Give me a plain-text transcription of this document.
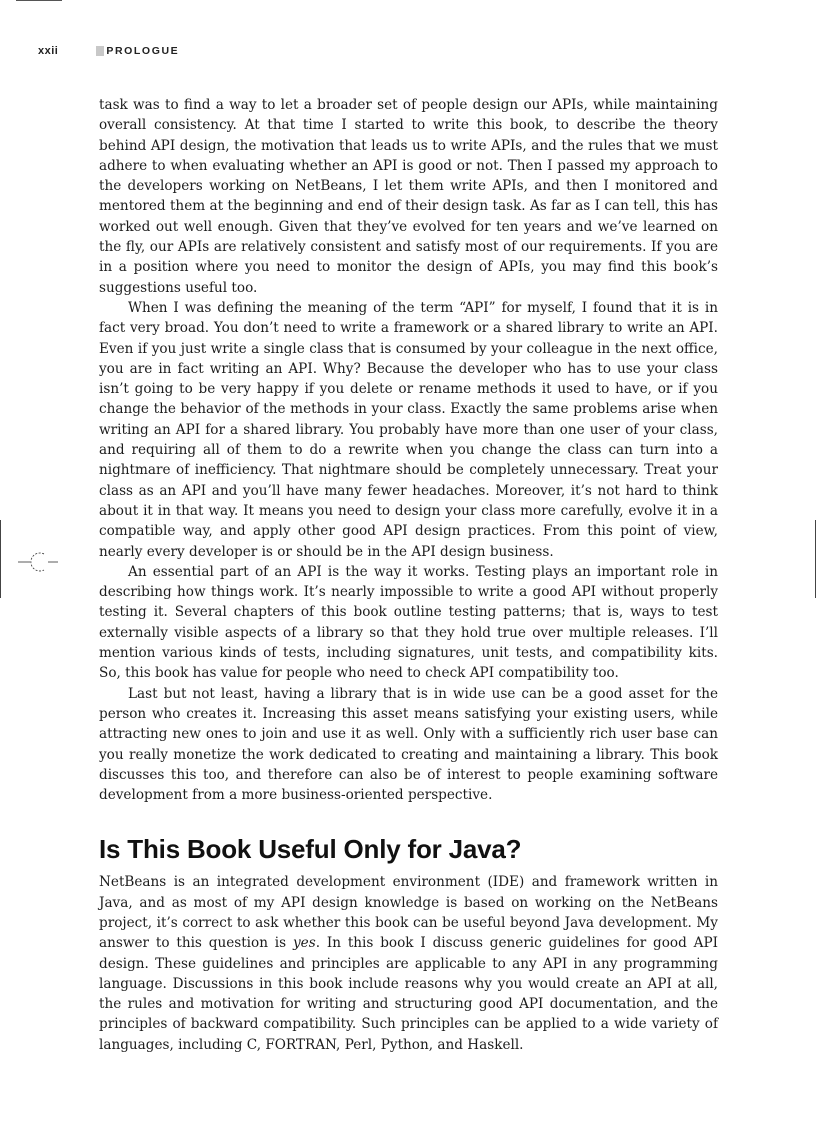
xxii	PROLOGUE

task was to find a way to let a broader set of people design our APIs, while maintaining overall consistency. At that time I started to write this book, to describe the theory behind API design, the motivation that leads us to write APIs, and the rules that we must adhere to when evaluating whether an API is good or not. Then I passed my approach to the developers working on NetBeans, I let them write APIs, and then I monitored and mentored them at the beginning and end of their design task. As far as I can tell, this has worked out well enough. Given that they’ve evolved for ten years and we’ve learned on the fly, our APIs are relatively consistent and satisfy most of our requirements. If you are in a position where you need to monitor the design of APIs, you may find this book’s suggestions useful too.

When I was defining the meaning of the term “API” for myself, I found that it is in fact very broad. You don’t need to write a framework or a shared library to write an API. Even if you just write a single class that is consumed by your colleague in the next office, you are in fact writing an API. Why? Because the developer who has to use your class isn’t going to be very happy if you delete or rename methods it used to have, or if you change the behavior of the methods in your class. Exactly the same problems arise when writing an API for a shared library. You probably have more than one user of your class, and requiring all of them to do a rewrite when you change the class can turn into a nightmare of inefficiency. That nightmare should be completely unnecessary. Treat your class as an API and you’ll have many fewer headaches. Moreover, it’s not hard to think about it in that way. It means you need to design your class more carefully, evolve it in a compatible way, and apply other good API design practices. From this point of view, nearly every developer is or should be in the API design business.

An essential part of an API is the way it works. Testing plays an important role in describing how things work. It’s nearly impossible to write a good API without properly testing it. Several chapters of this book outline testing patterns; that is, ways to test externally visible aspects of a library so that they hold true over multiple releases. I’ll mention various kinds of tests, including signatures, unit tests, and compatibility kits. So, this book has value for people who need to check API compatibility too.

Last but not least, having a library that is in wide use can be a good asset for the person who creates it. Increasing this asset means satisfying your existing users, while attracting new ones to join and use it as well. Only with a sufficiently rich user base can you really monetize the work dedicated to creating and maintaining a library. This book discusses this too, and therefore can also be of interest to people examining software development from a more business-oriented perspective.

Is This Book Useful Only for Java?

NetBeans is an integrated development environment (IDE) and framework written in Java, and as most of my API design knowledge is based on working on the NetBeans project, it’s correct to ask whether this book can be useful beyond Java development. My answer to this question is yes. In this book I discuss generic guidelines for good API design. These guidelines and principles are applicable to any API in any programming language. Discussions in this book include reasons why you would create an API at all, the rules and motivation for writing and structuring good API documentation, and the principles of backward compatibility. Such principles can be applied to a wide variety of languages, including C, FORTRAN, Perl, Python, and Haskell.
